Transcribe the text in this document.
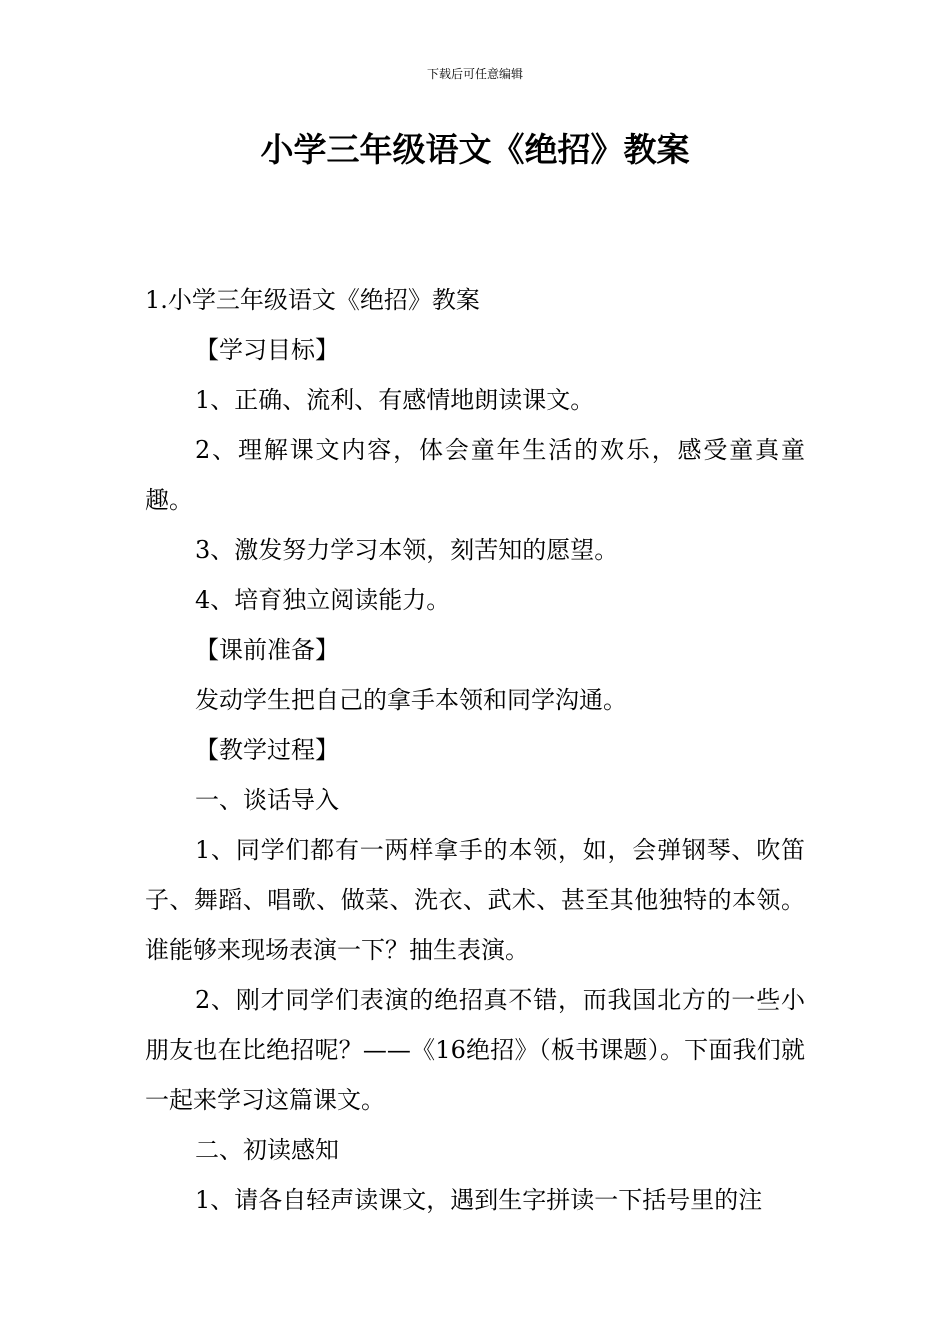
下载后可任意编辑
小学三年级语文《绝招》教案

1.小学三年级语文《绝招》教案

【学习目标】

1、正确、流利、有感情地朗读课文。

2、理解课文内容，体会童年生活的欢乐，感受童真童趣。

3、激发努力学习本领，刻苦知的愿望。

4、培育独立阅读能力。

【课前准备】

发动学生把自己的拿手本领和同学沟通。

【教学过程】

一、谈话导入

1、同学们都有一两样拿手的本领，如，会弹钢琴、吹笛子、舞蹈、唱歌、做菜、洗衣、武术、甚至其他独特的本领。谁能够来现场表演一下？抽生表演。

2、刚才同学们表演的绝招真不错，而我国北方的一些小朋友也在比绝招呢？——《16绝招》（板书课题）。下面我们就一起来学习这篇课文。

二、初读感知

1、请各自轻声读课文，遇到生字拼读一下括号里的注
